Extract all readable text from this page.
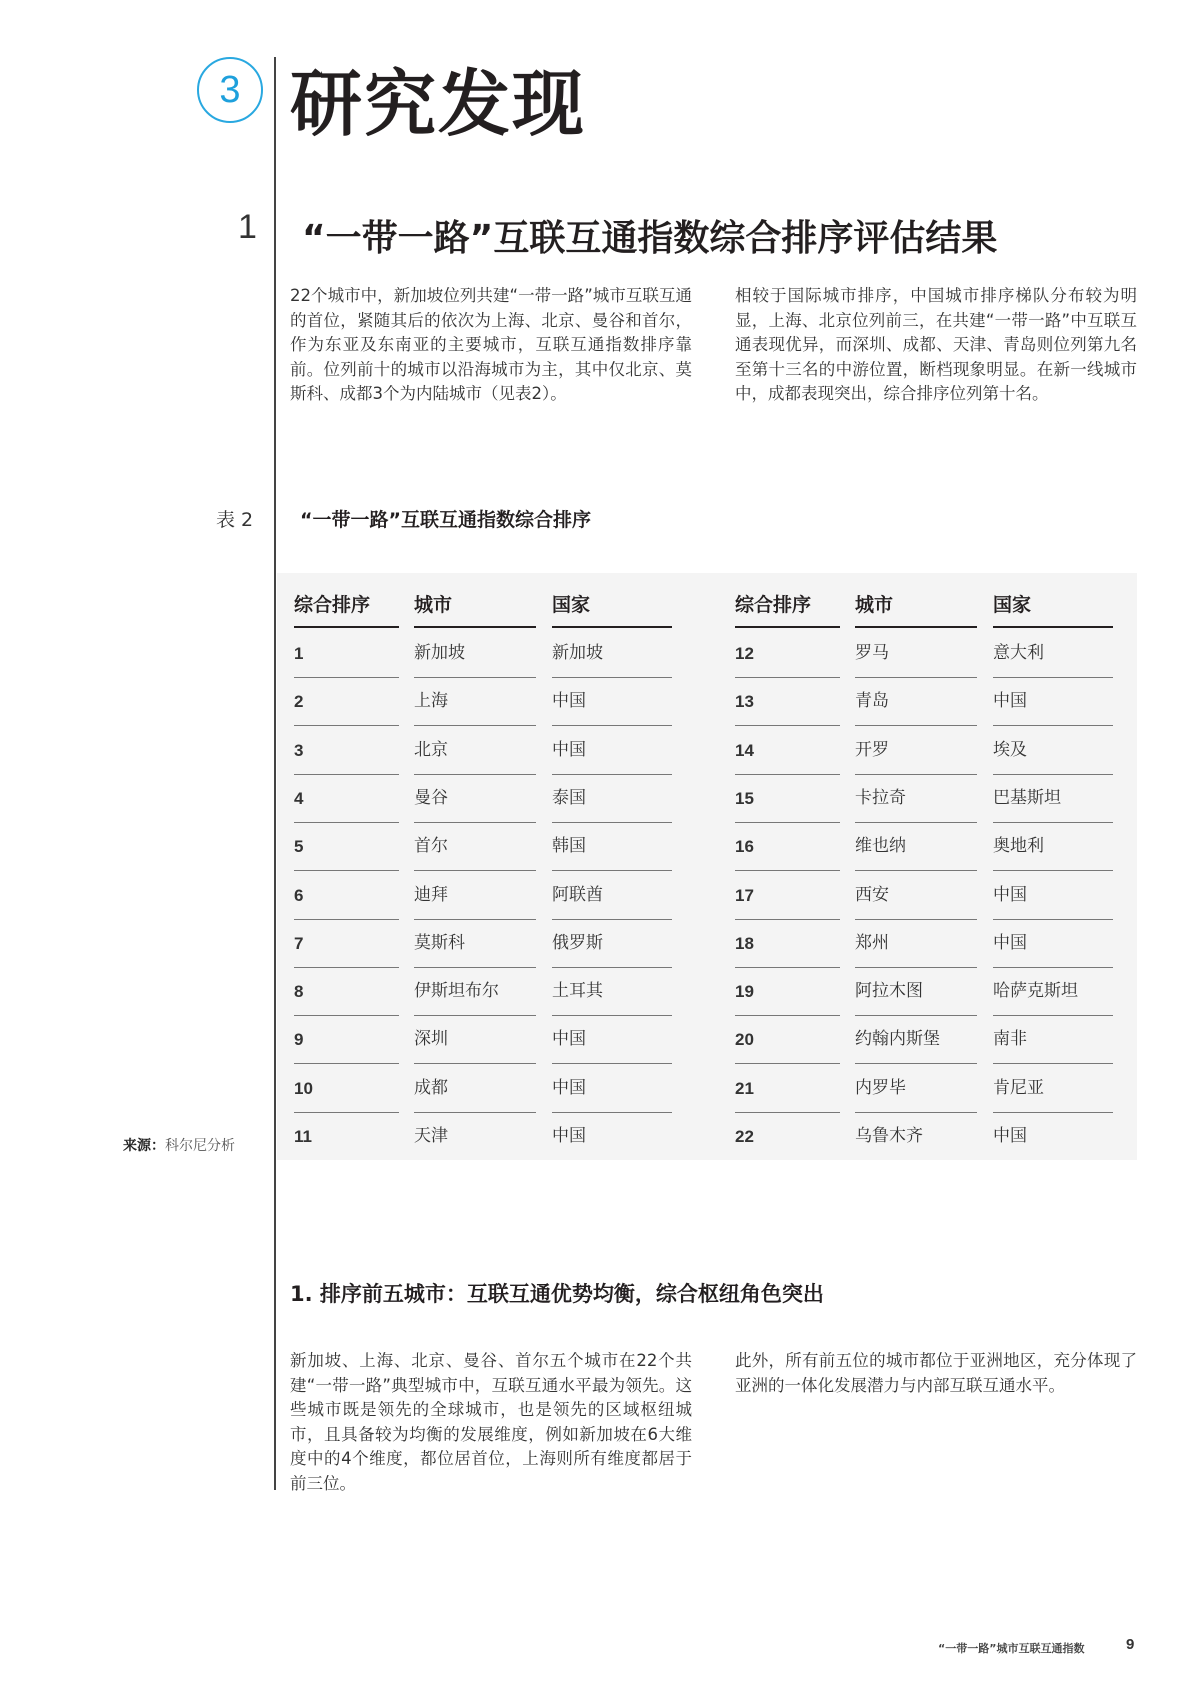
3 研究发现
1 “一带一路”互联互通指数综合排序评估结果
22个城市中，新加坡位列共建“一带一路”城市互联互通的首位，紧随其后的依次为上海、北京、曼谷和首尔，作为东亚及东南亚的主要城市，互联互通指数排序靠前。位列前十的城市以沿海城市为主，其中仅北京、莫斯科、成都3个为内陆城市（见表2）。
相较于国际城市排序，中国城市排序梯队分布较为明显，上海、北京位列前三，在共建“一带一路”中互联互通表现优异，而深圳、成都、天津、青岛则位列第九名至第十三名的中游位置，断档现象明显。在新一线城市中，成都表现突出，综合排序位列第十名。
表 2 “一带一路”互联互通指数综合排序
综合排序	城市	国家
1	新加坡	新加坡
2	上海	中国
3	北京	中国
4	曼谷	泰国
5	首尔	韩国
6	迪拜	阿联酋
7	莫斯科	俄罗斯
8	伊斯坦布尔	土耳其
9	深圳	中国
10	成都	中国
11	天津	中国
综合排序	城市	国家
12	罗马	意大利
13	青岛	中国
14	开罗	埃及
15	卡拉奇	巴基斯坦
16	维也纳	奥地利
17	西安	中国
18	郑州	中国
19	阿拉木图	哈萨克斯坦
20	约翰内斯堡	南非
21	内罗毕	肯尼亚
22	乌鲁木齐	中国
来源：科尔尼分析
1. 排序前五城市：互联互通优势均衡，综合枢纽角色突出
新加坡、上海、北京、曼谷、首尔五个城市在22个共建“一带一路”典型城市中，互联互通水平最为领先。这些城市既是领先的全球城市，也是领先的区域枢纽城市，且具备较为均衡的发展维度，例如新加坡在6大维度中的4个维度，都位居首位，上海则所有维度都居于前三位。
此外，所有前五位的城市都位于亚洲地区，充分体现了亚洲的一体化发展潜力与内部互联互通水平。
“一带一路”城市互联互通指数	9
